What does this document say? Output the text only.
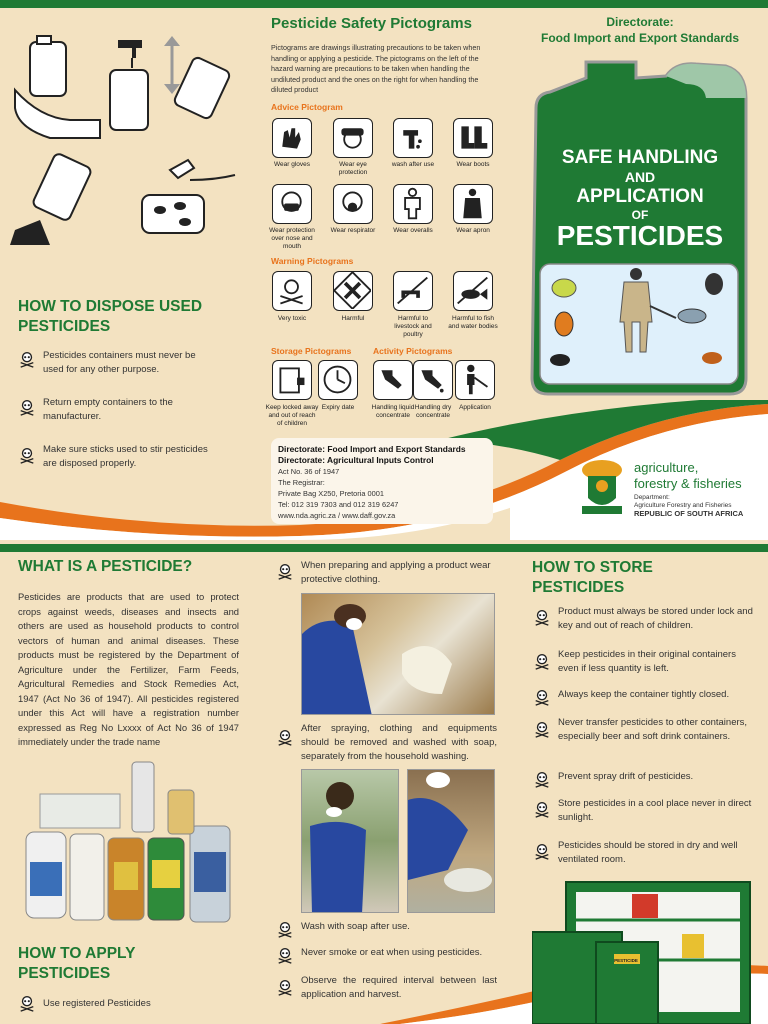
HOW TO DISPOSE USED
PESTICIDES
Pesticides containers must never be used for any other purpose.
Return empty containers to the manufacturer.
Make sure sticks used to stir pesticides are disposed properly.
Pesticide Safety Pictograms
Pictograms are drawings illustrating precautions to be taken when handling or applying a pesticide. The pictograms on the left of the hazard warning are precautions to be taken when handling the undiluted product and the ones on the right for when handling the diluted product
Advice Pictogram
Wear gloves	Wear eye protection
wash after use	Wear boots
Wear protection over nose and mouth
Wear respirator	Wear overalls	Wear apron
Warning Pictograms
Very toxic	Harmful	Harmful to livestock and poultry
Harmful to fish and water bodies
Storage Pictograms	Activity Pictograms
Keep locked away and out of reach of children
Expiry date	Handling liquid concentrate
Handling dry concentrate
Application
Directorate: Food Import and Export Standards
Directorate: Agricultural Inputs Control
Act No. 36 of 1947
The Registrar:
Private Bag X250, Pretoria 0001
Tel: 012 319 7303 and 012 319 6247
www.nda.agric.za / www.daff.gov.za
Directorate:
Food Import and Export Standards
SAFE HANDLING
AND
APPLICATION
OF
PESTICIDES
agriculture,
forestry & fisheries
Department:
Agriculture Forestry and Fisheries
REPUBLIC OF SOUTH AFRICA
WHAT IS A PESTICIDE?
Pesticides are products that are used to protect crops against weeds, diseases and insects and others are used as household products to control vectors of human and animal diseases. These products must be registered by the Department of Agriculture under the Fertilizer, Farm Feeds, Agricultural Remedies and Stock Remedies Act, 1947 (Act No 36 of 1947). All pesticides registered under this Act will have a registration number expressed as Reg No Lxxxx of Act No 36 of 1947 immediately under the trade name
HOW TO APPLY
PESTICIDES
Use registered Pesticides
When preparing and applying a product wear protective clothing.
After spraying, clothing and equipments should be removed and washed with soap, separately from the household washing.
Wash with soap after use.
Never smoke or eat when using pesticides.
Observe the required interval between last application and harvest.
HOW TO STORE
PESTICIDES
Product must always be stored under lock and key and out of reach of children.
Keep pesticides in their original containers even if less quantity is left.
Always keep the container tightly closed.
Never transfer pesticides to other containers, especially beer and soft drink containers.
Prevent spray drift of pesticides.
Store pesticides in a cool place never in direct sunlight.
Pesticides should be stored in dry and well ventilated room.
PESTICIDE
